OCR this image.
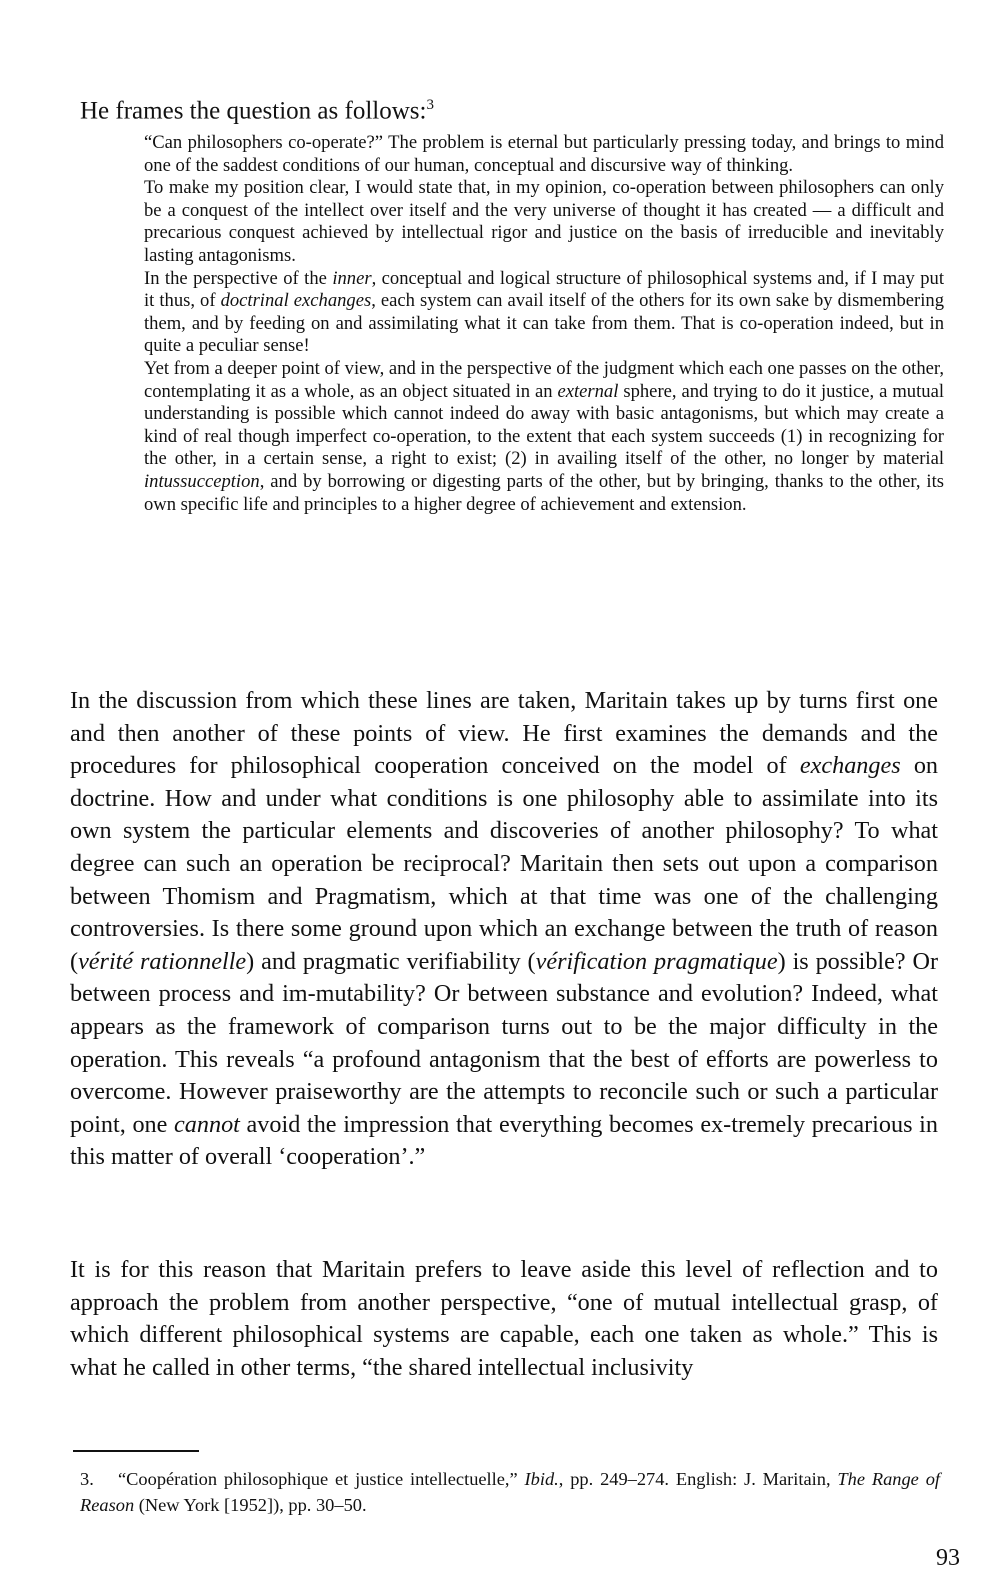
He frames the question as follows:$^3$

“Can philosophers co-operate?” The problem is eternal but particularly pressing today, and brings to mind one of the saddest conditions of our human, conceptual and discursive way of thinking.

To make my position clear, I would state that, in my opinion, co-operation between philosophers can only be a conquest of the intellect over itself and the very universe of thought it has created — a difficult and precarious conquest achieved by intellectual rigor and justice on the basis of irreducible and inevitably lasting antagonisms.

In the perspective of the inner, conceptual and logical structure of philosophical systems and, if I may put it thus, of doctrinal exchanges, each system can avail itself of the others for its own sake by dismembering them, and by feeding on and assimilating what it can take from them. That is co-operation indeed, but in quite a peculiar sense!

Yet from a deeper point of view, and in the perspective of the judgment which each one passes on the other, contemplating it as a whole, as an object situated in an external sphere, and trying to do it justice, a mutual understanding is possible which cannot indeed do away with basic antagonisms, but which may create a kind of real though imperfect co-operation, to the extent that each system succeeds (1) in recognizing for the other, in a certain sense, a right to exist; (2) in availing itself of the other, no longer by material intussucception, and by borrowing or digesting parts of the other, but by bringing, thanks to the other, its own specific life and principles to a higher degree of achievement and extension.

In the discussion from which these lines are taken, Maritain takes up by turns first one and then another of these points of view. He first examines the demands and the procedures for philosophical cooperation conceived on the model of exchanges on doctrine. How and under what conditions is one philosophy able to assimilate into its own system the particular elements and discoveries of another philosophy? To what degree can such an operation be reciprocal? Maritain then sets out upon a comparison between Thomism and Pragmatism, which at that time was one of the challenging controversies. Is there some ground upon which an exchange between the truth of reason (vérité rationnelle) and pragmatic verifiability (vérification pragmatique) is possible? Or between process and im-mutability? Or between substance and evolution? Indeed, what appears as the framework of comparison turns out to be the major difficulty in the operation. This reveals “a profound antagonism that the best of efforts are powerless to overcome. However praiseworthy are the attempts to reconcile such or such a particular point, one cannot avoid the impression that everything becomes ex-tremely precarious in this matter of overall ‘cooperation’.”

It is for this reason that Maritain prefers to leave aside this level of reflection and to approach the problem from another perspective, “one of mutual intellectual grasp, of which different philosophical systems are capable, each one taken as whole.” This is what he called in other terms, “the shared intellectual inclusivity

3. “Coopération philosophique et justice intellectuelle,” Ibid., pp. 249–274. English: J. Maritain, The Range of Reason (New York [1952]), pp. 30–50.

93
